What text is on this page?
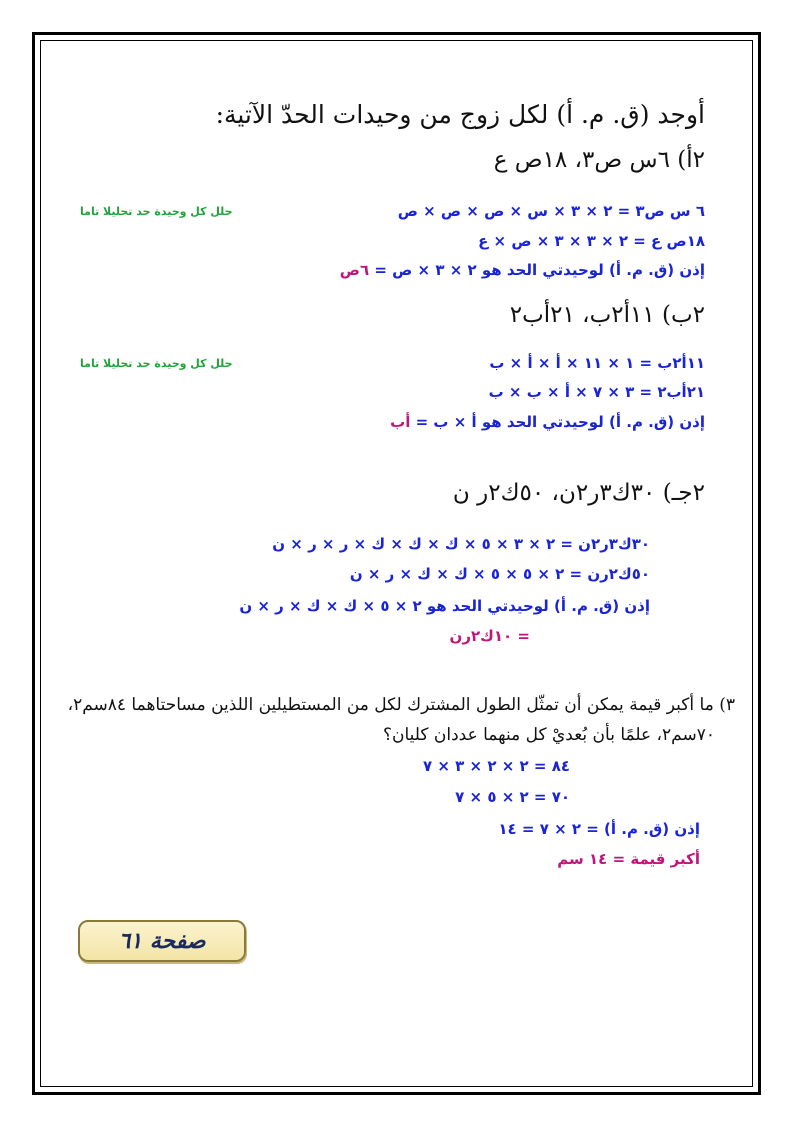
أوجد (ق. م. أ) لكل زوج من وحيدات الحدّ الآتية:
٢أ) ٦س ص٣، ١٨ص ع
٦ س ص٣ = ٢ × ٣ × س × ص × ص × ص
حلل كل وحيدة حد تحليلا تاما
١٨ص ع = ٢ × ٣ × ٣ × ص × ع
إذن (ق. م. أ) لوحيدتي الحد هو ٢ × ٣ × ص = ٦ص
٢ب) ١١أ٢ب، ٢١أب٢
١١أ٢ب = ١ × ١١ × أ × أ × ب
حلل كل وحيدة حد تحليلا تاما
٢١أب٢ = ٣ × ٧ × أ × ب × ب
إذن (ق. م. أ) لوحيدتي الحد هو أ × ب = أب
٢جـ) ٣٠ك٣ر٢ن، ٥٠ك٢ر ن
٣٠ك٣ر٢ن = ٢ × ٣ × ٥ × ك × ك × ك × ر × ر × ن
٥٠ك٢رن = ٢ × ٥ × ٥ × ك × ك × ر × ن
إذن (ق. م. أ) لوحيدتي الحد هو ٢ × ٥ × ك × ك × ر × ن
= ١٠ك٢رن
٣) ما أكبر قيمة يمكن أن تمثّل الطول المشترك لكل من المستطيلين اللذين مساحتاهما ٨٤سم٢،
٧٠سم٢، علمًا بأن بُعديْ كل منهما عددان كليان؟
٨٤ = ٢ × ٢ × ٣ × ٧
٧٠ = ٢ × ٥ × ٧
إذن (ق. م. أ) = ٢ × ٧ = ١٤
أكبر قيمة = ١٤ سم
صفحة ٦١
